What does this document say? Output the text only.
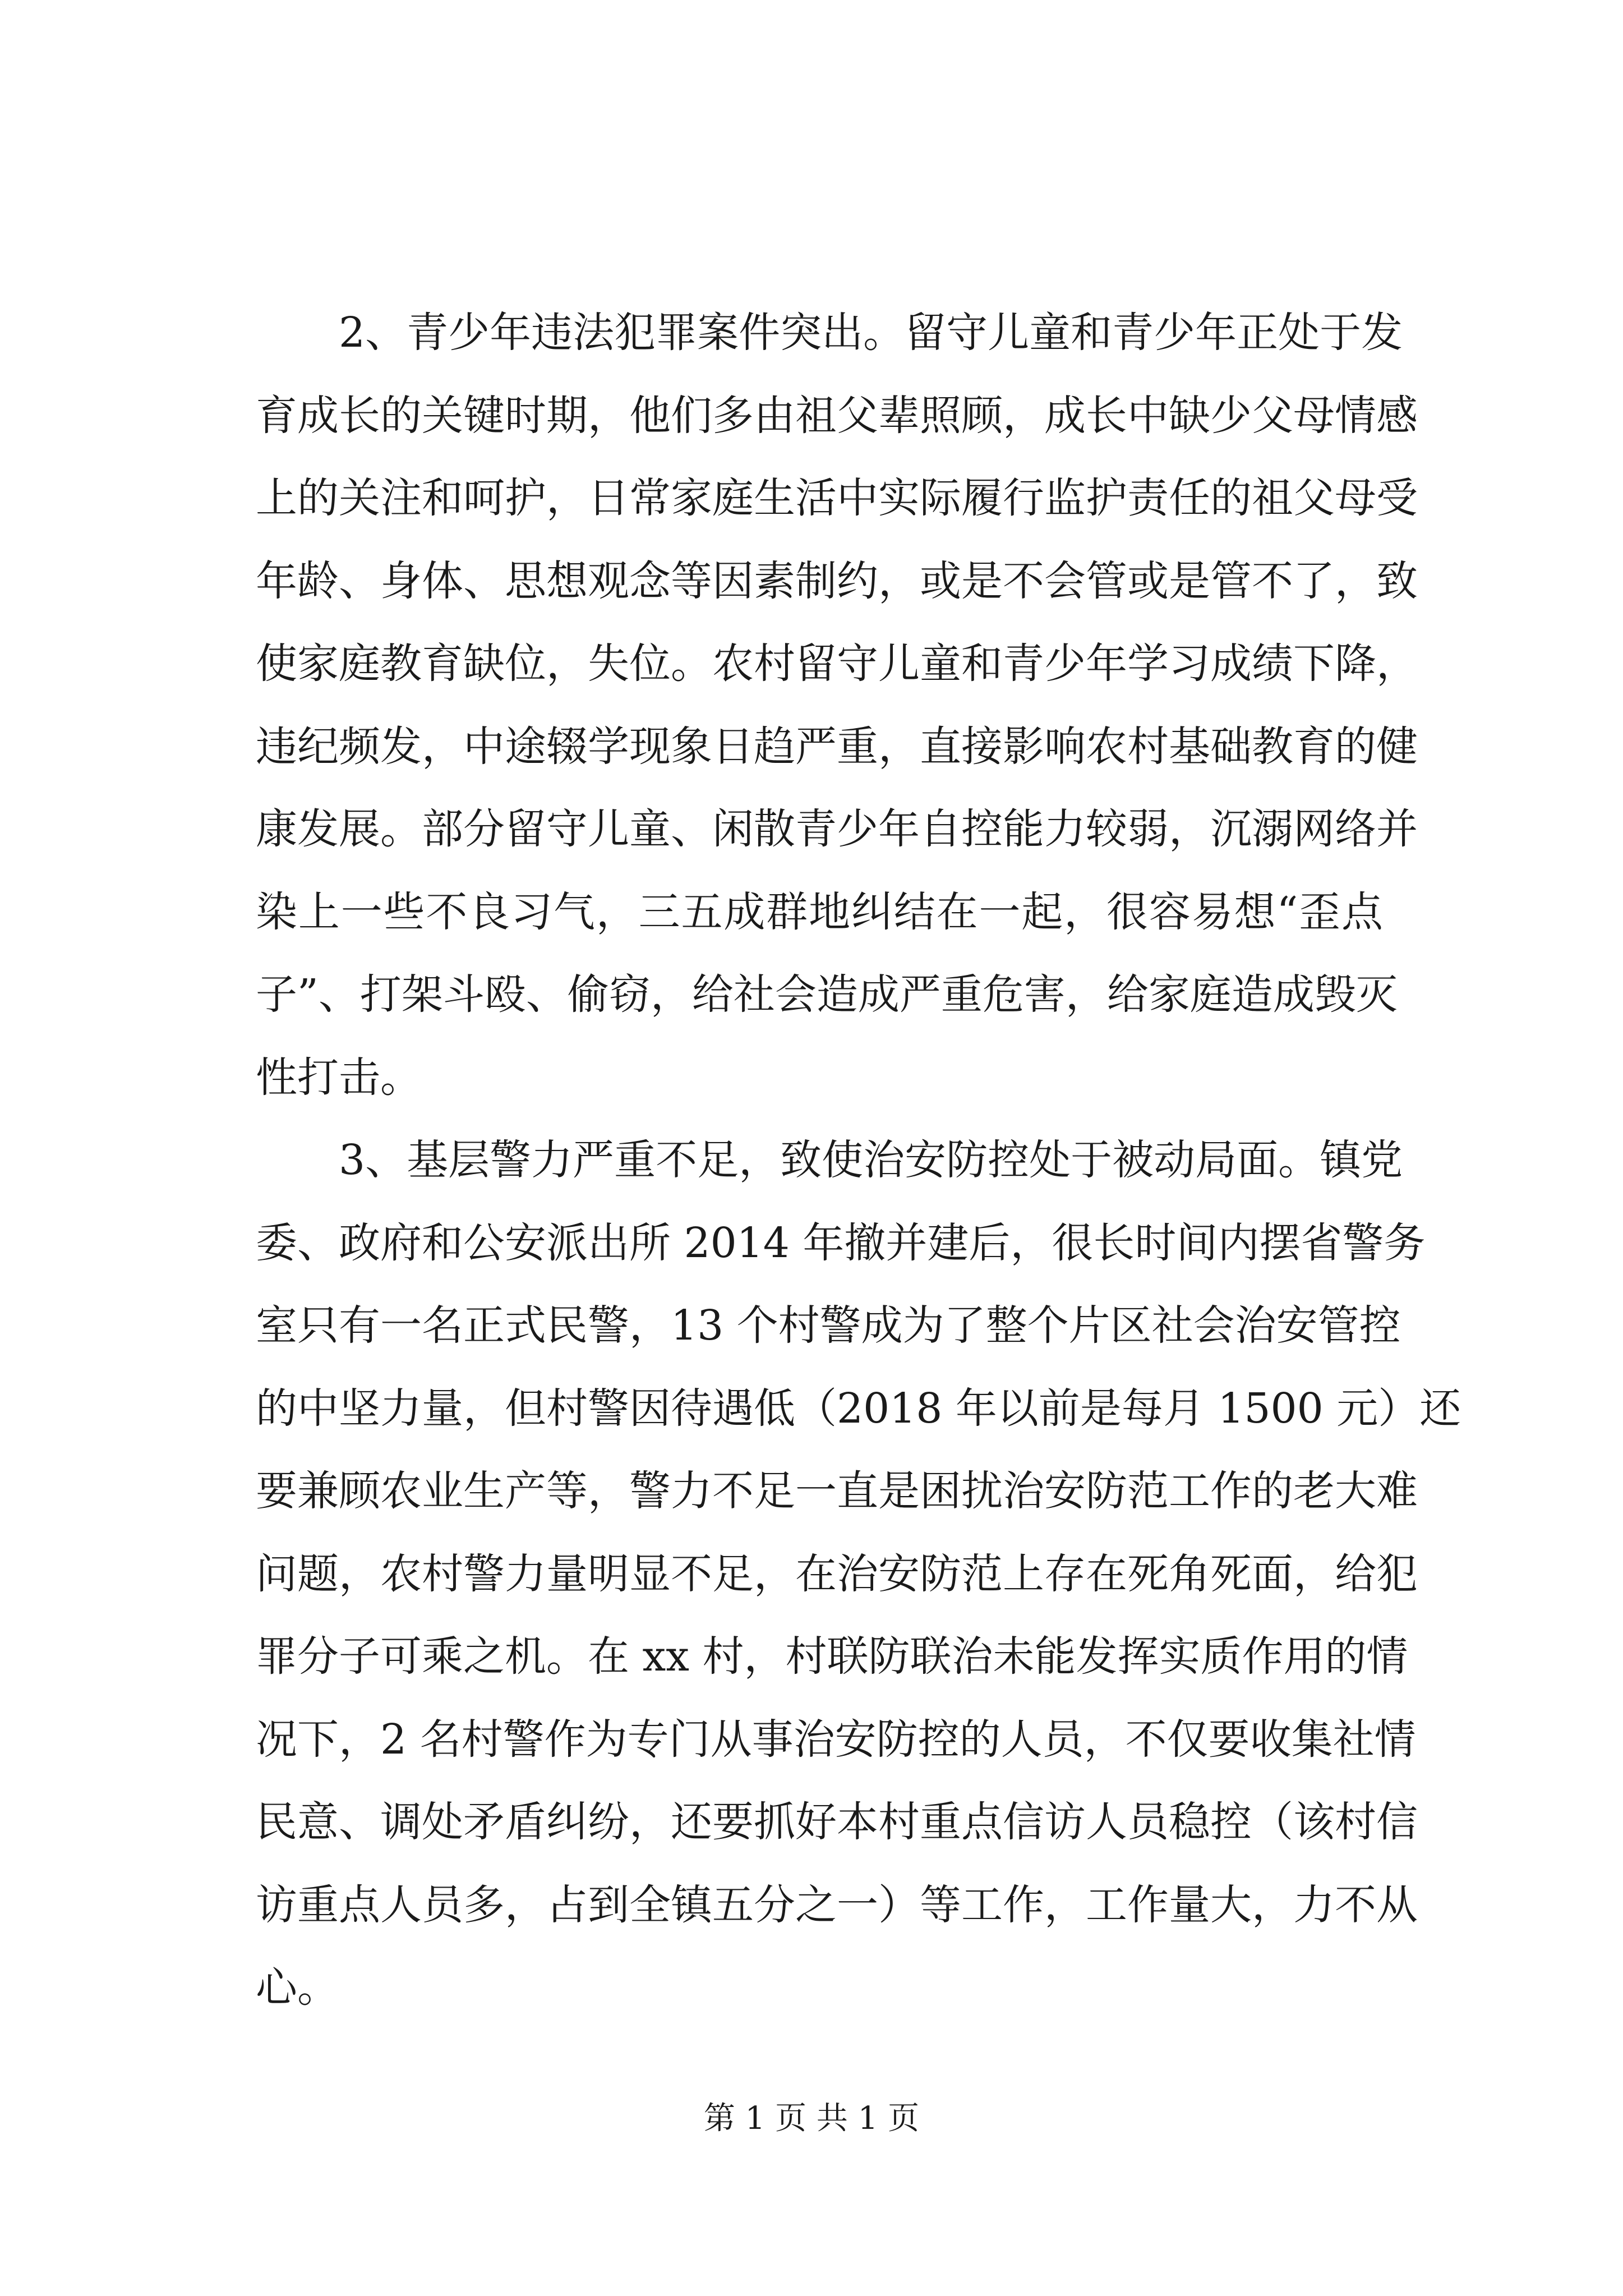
2、青少年违法犯罪案件突出。留守儿童和青少年正处于发
育成长的关键时期，他们多由祖父辈照顾，成长中缺少父母情感
上的关注和呵护，日常家庭生活中实际履行监护责任的祖父母受
年龄、身体、思想观念等因素制约，或是不会管或是管不了，致
使家庭教育缺位，失位。农村留守儿童和青少年学习成绩下降，
违纪频发，中途辍学现象日趋严重，直接影响农村基础教育的健
康发展。部分留守儿童、闲散青少年自控能力较弱，沉溺网络并
染上一些不良习气，三五成群地纠结在一起，很容易想“歪点
子”、打架斗殴、偷窃，给社会造成严重危害，给家庭造成毁灭
性打击。
3、基层警力严重不足，致使治安防控处于被动局面。镇党
委、政府和公安派出所 2014 年撤并建后，很长时间内摆省警务
室只有一名正式民警，13 个村警成为了整个片区社会治安管控
的中坚力量，但村警因待遇低（2018 年以前是每月 1500 元）还
要兼顾农业生产等，警力不足一直是困扰治安防范工作的老大难
问题，农村警力量明显不足，在治安防范上存在死角死面，给犯
罪分子可乘之机。在 xx 村，村联防联治未能发挥实质作用的情
况下，2 名村警作为专门从事治安防控的人员，不仅要收集社情
民意、调处矛盾纠纷，还要抓好本村重点信访人员稳控（该村信
访重点人员多，占到全镇五分之一）等工作，工作量大，力不从
心。
第 1 页 共 1 页
